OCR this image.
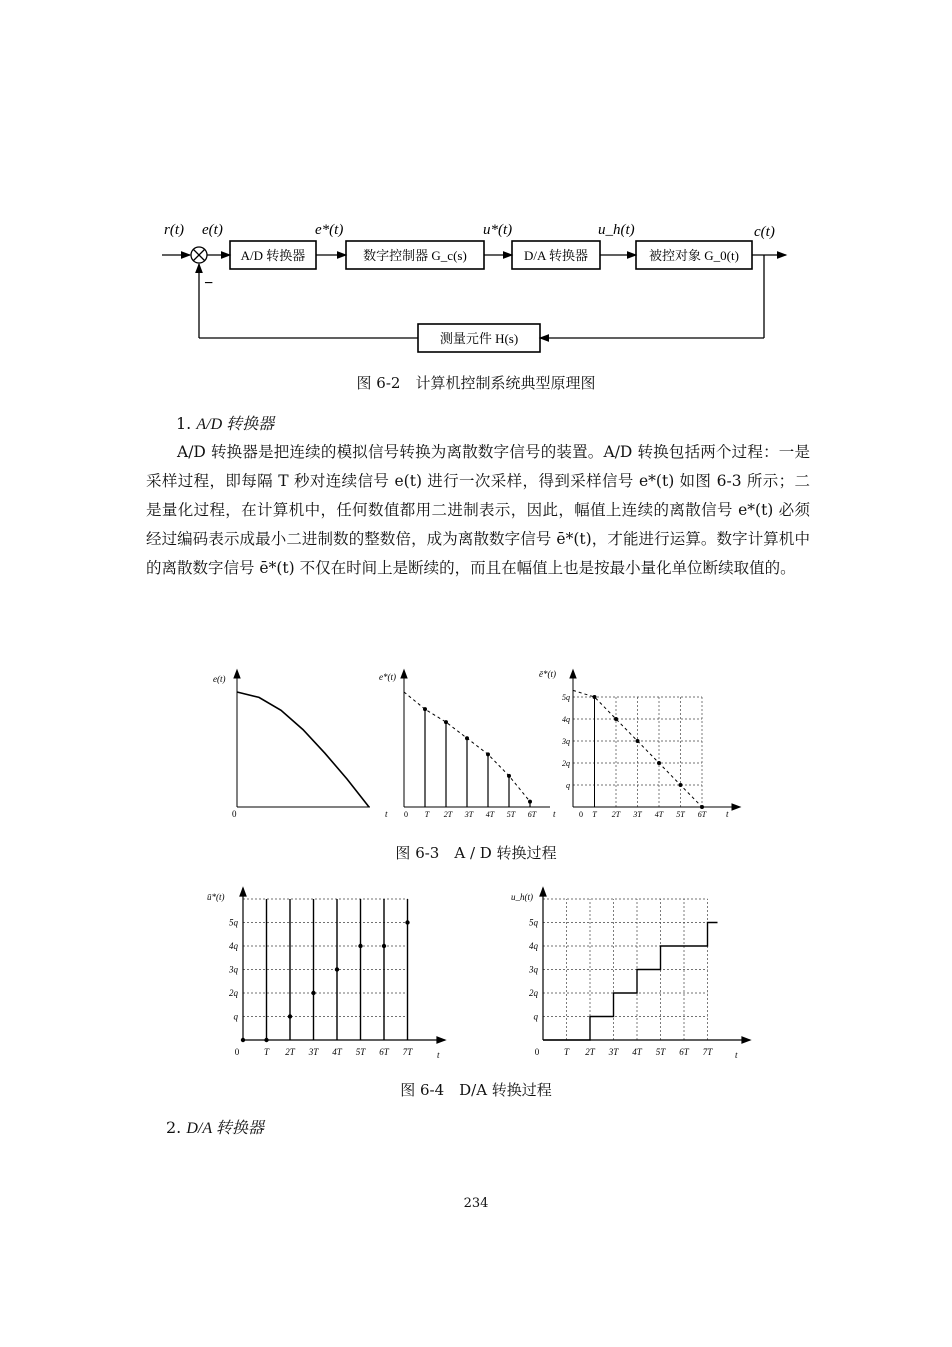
r(t) e(t)	e*(t)	u*(t)	u_h(t)	c(t)
−
A/D 转换器	数字控制器 G_c(s)	D/A 转换器	被控对象 G_0(t)
测量元件 H(s)
图 6-2　计算机控制系统典型原理图
1. A/D 转换器

A/D 转换器是把连续的模拟信号转换为离散数字信号的装置。A/D 转换包括两个过程：一是采样过程，即每隔 T 秒对连续信号 e(t) 进行一次采样，得到采样信号 e*(t) 如图 6-3 所示；二是量化过程，在计算机中，任何数值都用二进制表示，因此，幅值上连续的离散信号 e*(t) 必须经过编码表示成最小二进制数的整数倍，成为离散数字信号 ē*(t)，才能进行运算。数字计算机中的离散数字信号 ē*(t) 不仅在时间上是断续的，而且在幅值上也是按最小量化单位断续取值的。

e(t)
0	t 0 T 2T 3T 4T 5T 6T
e*(t)
t
q
2q
3q
4q
5q
0 T 2T 3T 4T 5T 6T
ē*(t)
t
图 6-3　A / D 转换过程
q
2q
3q
4q
5q
0	T 2T 3T 4T 5T 6T 7T
ū*(t)
t
q
2q
3q
4q
5q
0	T 2T 3T 4T 5T 6T 7T
u_h(t)
t
图 6-4　D/A 转换过程
2. D/A 转换器
234
